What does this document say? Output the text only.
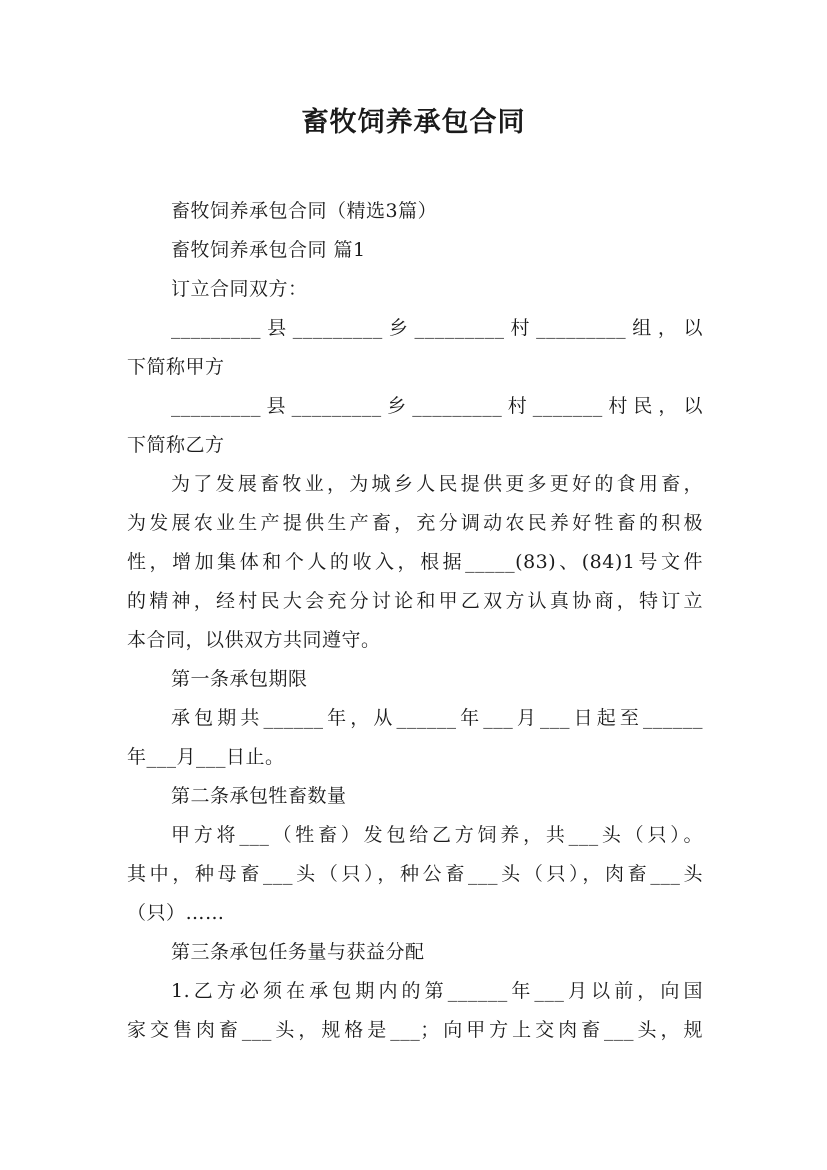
畜牧饲养承包合同

畜牧饲养承包合同（精选3篇）

畜牧饲养承包合同 篇1

订立合同双方：

_________县_________乡_________村_________组，以

下简称甲方

_________县_________乡_________村_______村民，以

下简称乙方

为了发展畜牧业，为城乡人民提供更多更好的食用畜，

为发展农业生产提供生产畜，充分调动农民养好牲畜的积极

性，增加集体和个人的收入，根据_____(83)、(84)1号文件

的精神，经村民大会充分讨论和甲乙双方认真协商，特订立

本合同，以供双方共同遵守。

第一条承包期限

承包期共______年，从______年___月___日起至______

年___月___日止。

第二条承包牲畜数量

甲方将___（牲畜）发包给乙方饲养，共___头（只）。

其中，种母畜___头（只），种公畜___头（只），肉畜___头

（只）……

第三条承包任务量与获益分配

1.乙方必须在承包期内的第______年___月以前，向国

家交售肉畜___头，规格是___；向甲方上交肉畜___头，规
